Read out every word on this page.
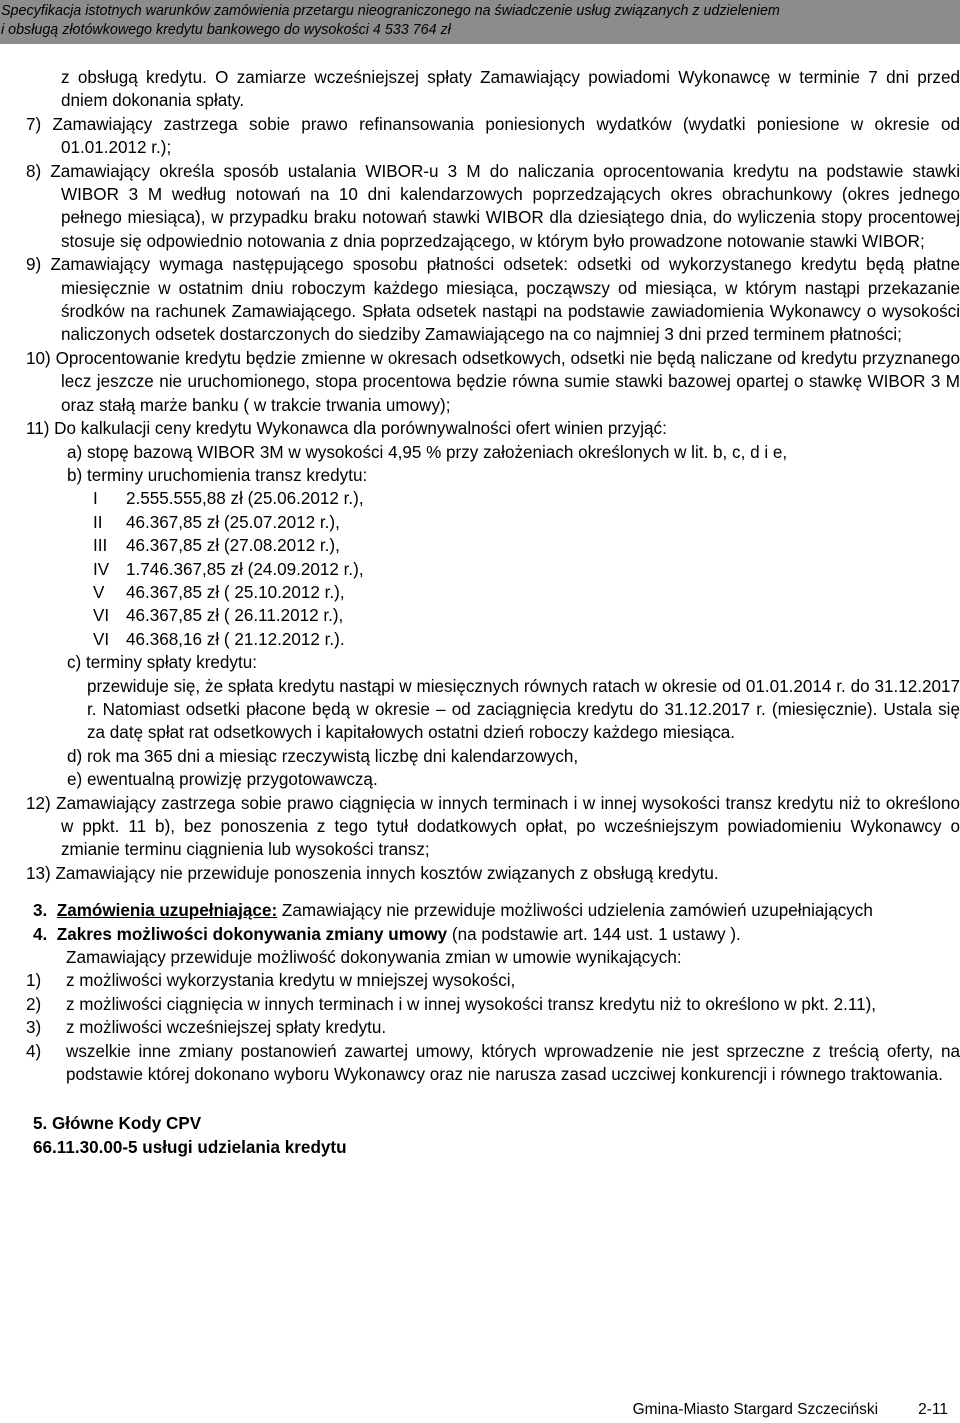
Specyfikacja istotnych warunków zamówienia przetargu nieograniczonego na świadczenie usług związanych z udzieleniem
i obsługą złotówkowego kredytu bankowego do wysokości 4 533 764 zł
z obsługą kredytu. O zamiarze wcześniejszej spłaty Zamawiający powiadomi Wykonawcę w terminie 7 dni przed dniem dokonania spłaty.
7) Zamawiający zastrzega sobie prawo refinansowania poniesionych wydatków (wydatki poniesione w okresie od 01.01.2012 r.);
8) Zamawiający określa sposób ustalania WIBOR-u 3 M do naliczania oprocentowania kredytu na podstawie stawki WIBOR 3 M według notowań na 10 dni kalendarzowych poprzedzających okres obrachunkowy (okres jednego pełnego miesiąca), w przypadku braku notowań stawki WIBOR dla dziesiątego dnia, do wyliczenia stopy procentowej stosuje się odpowiednio notowania z dnia poprzedzającego, w którym było prowadzone notowanie stawki WIBOR;
9) Zamawiający wymaga następującego sposobu płatności odsetek: odsetki od wykorzystanego kredytu będą płatne miesięcznie w ostatnim dniu roboczym każdego miesiąca, począwszy od miesiąca, w którym nastąpi przekazanie środków na rachunek Zamawiającego. Spłata odsetek nastąpi na podstawie zawiadomienia Wykonawcy o wysokości naliczonych odsetek dostarczonych do siedziby Zamawiającego na co najmniej 3 dni przed terminem płatności;
10) Oprocentowanie kredytu będzie zmienne w okresach odsetkowych, odsetki nie będą naliczane od kredytu przyznanego lecz jeszcze nie uruchomionego, stopa procentowa będzie równa sumie stawki bazowej opartej o stawkę WIBOR 3 M oraz stałą marże banku ( w trakcie trwania umowy);
11) Do kalkulacji ceny kredytu Wykonawca dla porównywalności ofert winien przyjąć:
a) stopę bazową WIBOR 3M w wysokości 4,95 % przy założeniach określonych w lit. b, c, d i e,
b) terminy uruchomienia transz kredytu:
I 2.555.555,88 zł (25.06.2012 r.),
II 46.367,85 zł (25.07.2012 r.),
III 46.367,85 zł (27.08.2012 r.),
IV 1.746.367,85 zł (24.09.2012 r.),
V 46.367,85 zł ( 25.10.2012 r.),
VI 46.367,85 zł ( 26.11.2012 r.),
VI 46.368,16 zł ( 21.12.2012 r.).
c) terminy spłaty kredytu:
przewiduje się, że spłata kredytu nastąpi w miesięcznych równych ratach w okresie od 01.01.2014 r. do 31.12.2017 r. Natomiast odsetki płacone będą w okresie – od zaciągnięcia kredytu do 31.12.2017 r. (miesięcznie). Ustala się za datę spłat rat odsetkowych i kapitałowych ostatni dzień roboczy każdego miesiąca.
d) rok ma 365 dni a miesiąc rzeczywistą liczbę dni kalendarzowych,
e) ewentualną prowizję przygotowawczą.
12) Zamawiający zastrzega sobie prawo ciągnięcia w innych terminach i w innej wysokości transz kredytu niż to określono w ppkt. 11 b), bez ponoszenia z tego tytuł dodatkowych opłat, po wcześniejszym powiadomieniu Wykonawcy o zmianie terminu ciągnienia lub wysokości transz;
13) Zamawiający nie przewiduje ponoszenia innych kosztów związanych z obsługą kredytu.
3. Zamówienia uzupełniające: Zamawiający nie przewiduje możliwości udzielenia zamówień uzupełniających
4. Zakres możliwości dokonywania zmiany umowy (na podstawie art. 144 ust. 1 ustawy ).
Zamawiający przewiduje możliwość dokonywania zmian w umowie wynikających:
1) z możliwości wykorzystania kredytu w mniejszej wysokości,
2) z możliwości ciągnięcia w innych terminach i w innej wysokości transz kredytu niż to określono w pkt. 2.11),
3) z możliwości wcześniejszej spłaty kredytu.
4) wszelkie inne zmiany postanowień zawartej umowy, których wprowadzenie nie jest sprzeczne z treścią oferty, na podstawie której dokonano wyboru Wykonawcy oraz nie narusza zasad uczciwej konkurencji i równego traktowania.
5. Główne Kody CPV
66.11.30.00-5 usługi udzielania kredytu
Gmina-Miasto Stargard Szczeciński	2-11
